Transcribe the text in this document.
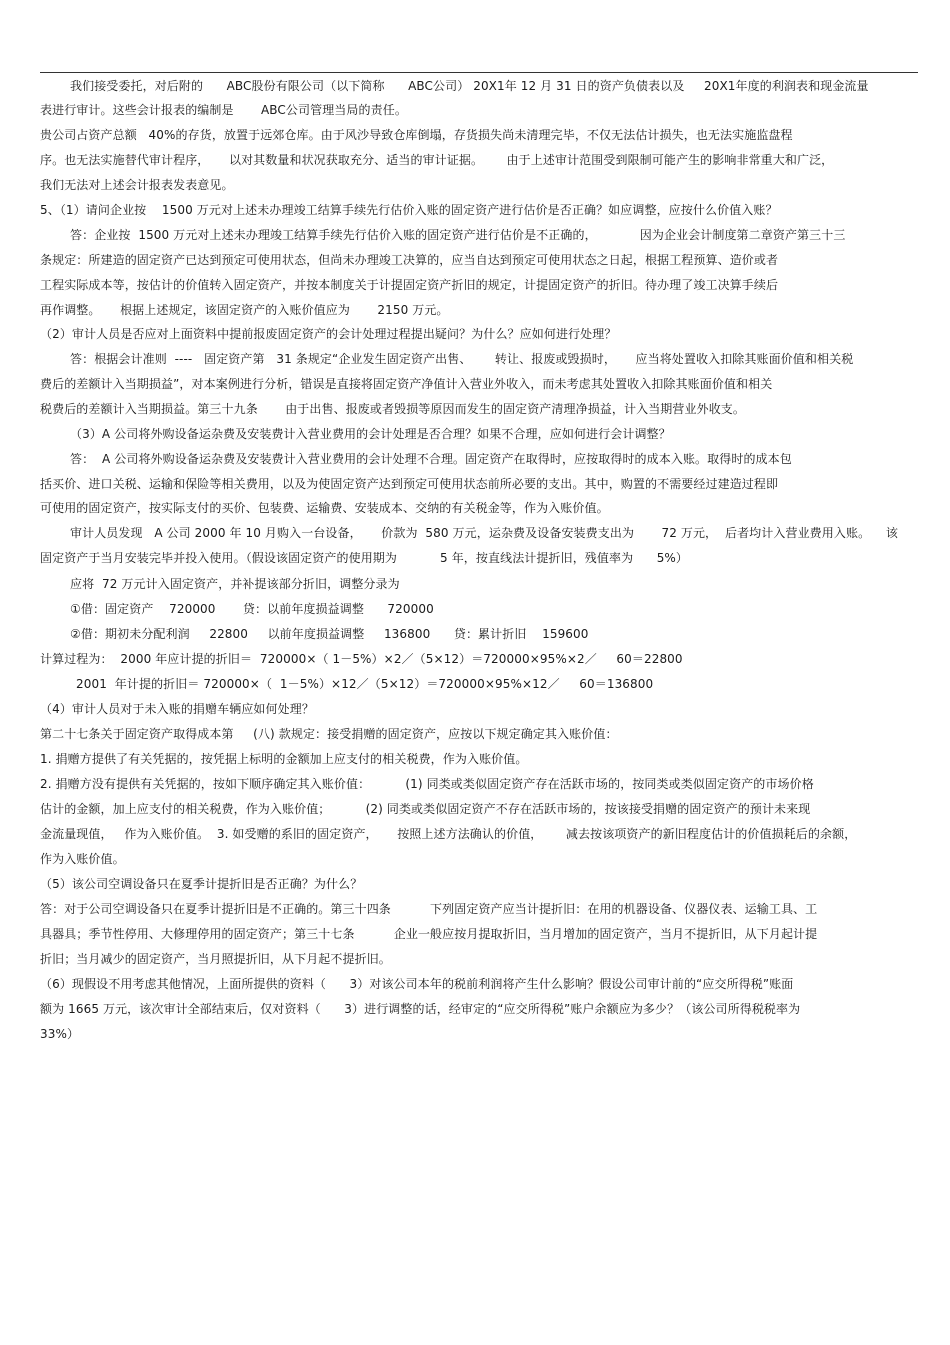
我们接受委托，对后附的      ABC股份有限公司（以下简称      ABC公司） 20X1年 12 月 31 日的资产负债表以及     20X1年度的利润表和现金流量
表进行审计。这些会计报表的编制是       ABC公司管理当局的责任。
贵公司占资产总额   40%的存货，放置于远郊仓库。由于风沙导致仓库倒塌，存货损失尚未清理完毕，不仅无法估计损失，也无法实施监盘程
序。也无法实施替代审计程序，     以对其数量和状况获取充分、适当的审计证据。      由于上述审计范围受到限制可能产生的影响非常重大和广泛，
我们无法对上述会计报表发表意见。
5、（1）请问企业按    1500 万元对上述未办理竣工结算手续先行估价入账的固定资产进行估价是否正确？如应调整，应按什么价值入账？
答：企业按  1500 万元对上述未办理竣工结算手续先行估价入账的固定资产进行估价是不正确的，           因为企业会计制度第二章资产第三十三
条规定：所建造的固定资产已达到预定可使用状态，但尚未办理竣工决算的，应当自达到预定可使用状态之日起，根据工程预算、造价或者
工程实际成本等，按估计的价值转入固定资产，并按本制度关于计提固定资产折旧的规定，计提固定资产的折旧。待办理了竣工决算手续后
再作调整。     根据上述规定，该固定资产的入账价值应为       2150 万元。
（2）审计人员是否应对上面资料中提前报废固定资产的会计处理过程提出疑问？为什么？应如何进行处理？
答：根据会计准则  ----   固定资产第   31 条规定“企业发生固定资产出售、      转让、报废或毁损时，     应当将处置收入扣除其账面价值和相关税
费后的差额计入当期损益”，对本案例进行分析，错误是直接将固定资产净值计入营业外收入，而未考虑其处置收入扣除其账面价值和相关
税费后的差额计入当期损益。第三十九条       由于出售、报废或者毁损等原因而发生的固定资产清理净损益，计入当期营业外收支。
（3）A 公司将外购设备运杂费及安装费计入营业费用的会计处理是否合理？如果不合理，应如何进行会计调整？
答：  A 公司将外购设备运杂费及安装费计入营业费用的会计处理不合理。固定资产在取得时，应按取得时的成本入账。取得时的成本包
括买价、进口关税、运输和保险等相关费用，以及为使固定资产达到预定可使用状态前所必要的支出。其中，购置的不需要经过建造过程即
可使用的固定资产，按实际支付的买价、包装费、运输费、安装成本、交纳的有关税金等，作为入账价值。
审计人员发现   A 公司 2000 年 10 月购入一台设备，     价款为  580 万元，运杂费及设备安装费支出为       72 万元，  后者均计入营业费用入账。    该
固定资产于当月安装完毕并投入使用。（假设该固定资产的使用期为           5 年，按直线法计提折旧，残值率为      5%）
应将  72 万元计入固定资产，并补提该部分折旧，调整分录为
①借：固定资产    720000       贷：以前年度损益调整      720000
②借：期初未分配利润     22800     以前年度损益调整     136800      贷：累计折旧    159600
计算过程为：  2000 年应计提的折旧＝  720000×（ 1－5%）×2／（5×12）＝720000×95%×2／     60＝22800
2001  年计提的折旧＝ 720000×（  1－5%）×12／（5×12）＝720000×95%×12／     60＝136800
（4）审计人员对于未入账的捐赠车辆应如何处理？
第二十七条关于固定资产取得成本第     (八) 款规定：接受捐赠的固定资产，应按以下规定确定其入账价值：
1. 捐赠方提供了有关凭据的，按凭据上标明的金额加上应支付的相关税费，作为入账价值。
2. 捐赠方没有提供有关凭据的，按如下顺序确定其入账价值：         (1) 同类或类似固定资产存在活跃市场的，按同类或类似固定资产的市场价格
估计的金额，加上应支付的相关税费，作为入账价值；         (2) 同类或类似固定资产不存在活跃市场的，按该接受捐赠的固定资产的预计未来现
金流量现值，   作为入账价值。  3. 如受赠的系旧的固定资产，     按照上述方法确认的价值，      减去按该项资产的新旧程度估计的价值损耗后的余额，
作为入账价值。
（5）该公司空调设备只在夏季计提折旧是否正确？为什么？
答：对于公司空调设备只在夏季计提折旧是不正确的。第三十四条          下列固定资产应当计提折旧：在用的机器设备、仪器仪表、运输工具、工
具器具；季节性停用、大修理停用的固定资产；第三十七条          企业一般应按月提取折旧，当月增加的固定资产，当月不提折旧，从下月起计提
折旧；当月减少的固定资产，当月照提折旧，从下月起不提折旧。
（6）现假设不用考虑其他情况，上面所提供的资料（      3）对该公司本年的税前利润将产生什么影响？假设公司审计前的“应交所得税”账面
额为 1665 万元，该次审计全部结束后，仅对资料（      3）进行调整的话，经审定的“应交所得税”账户余额应为多少？（该公司所得税税率为
33%）
